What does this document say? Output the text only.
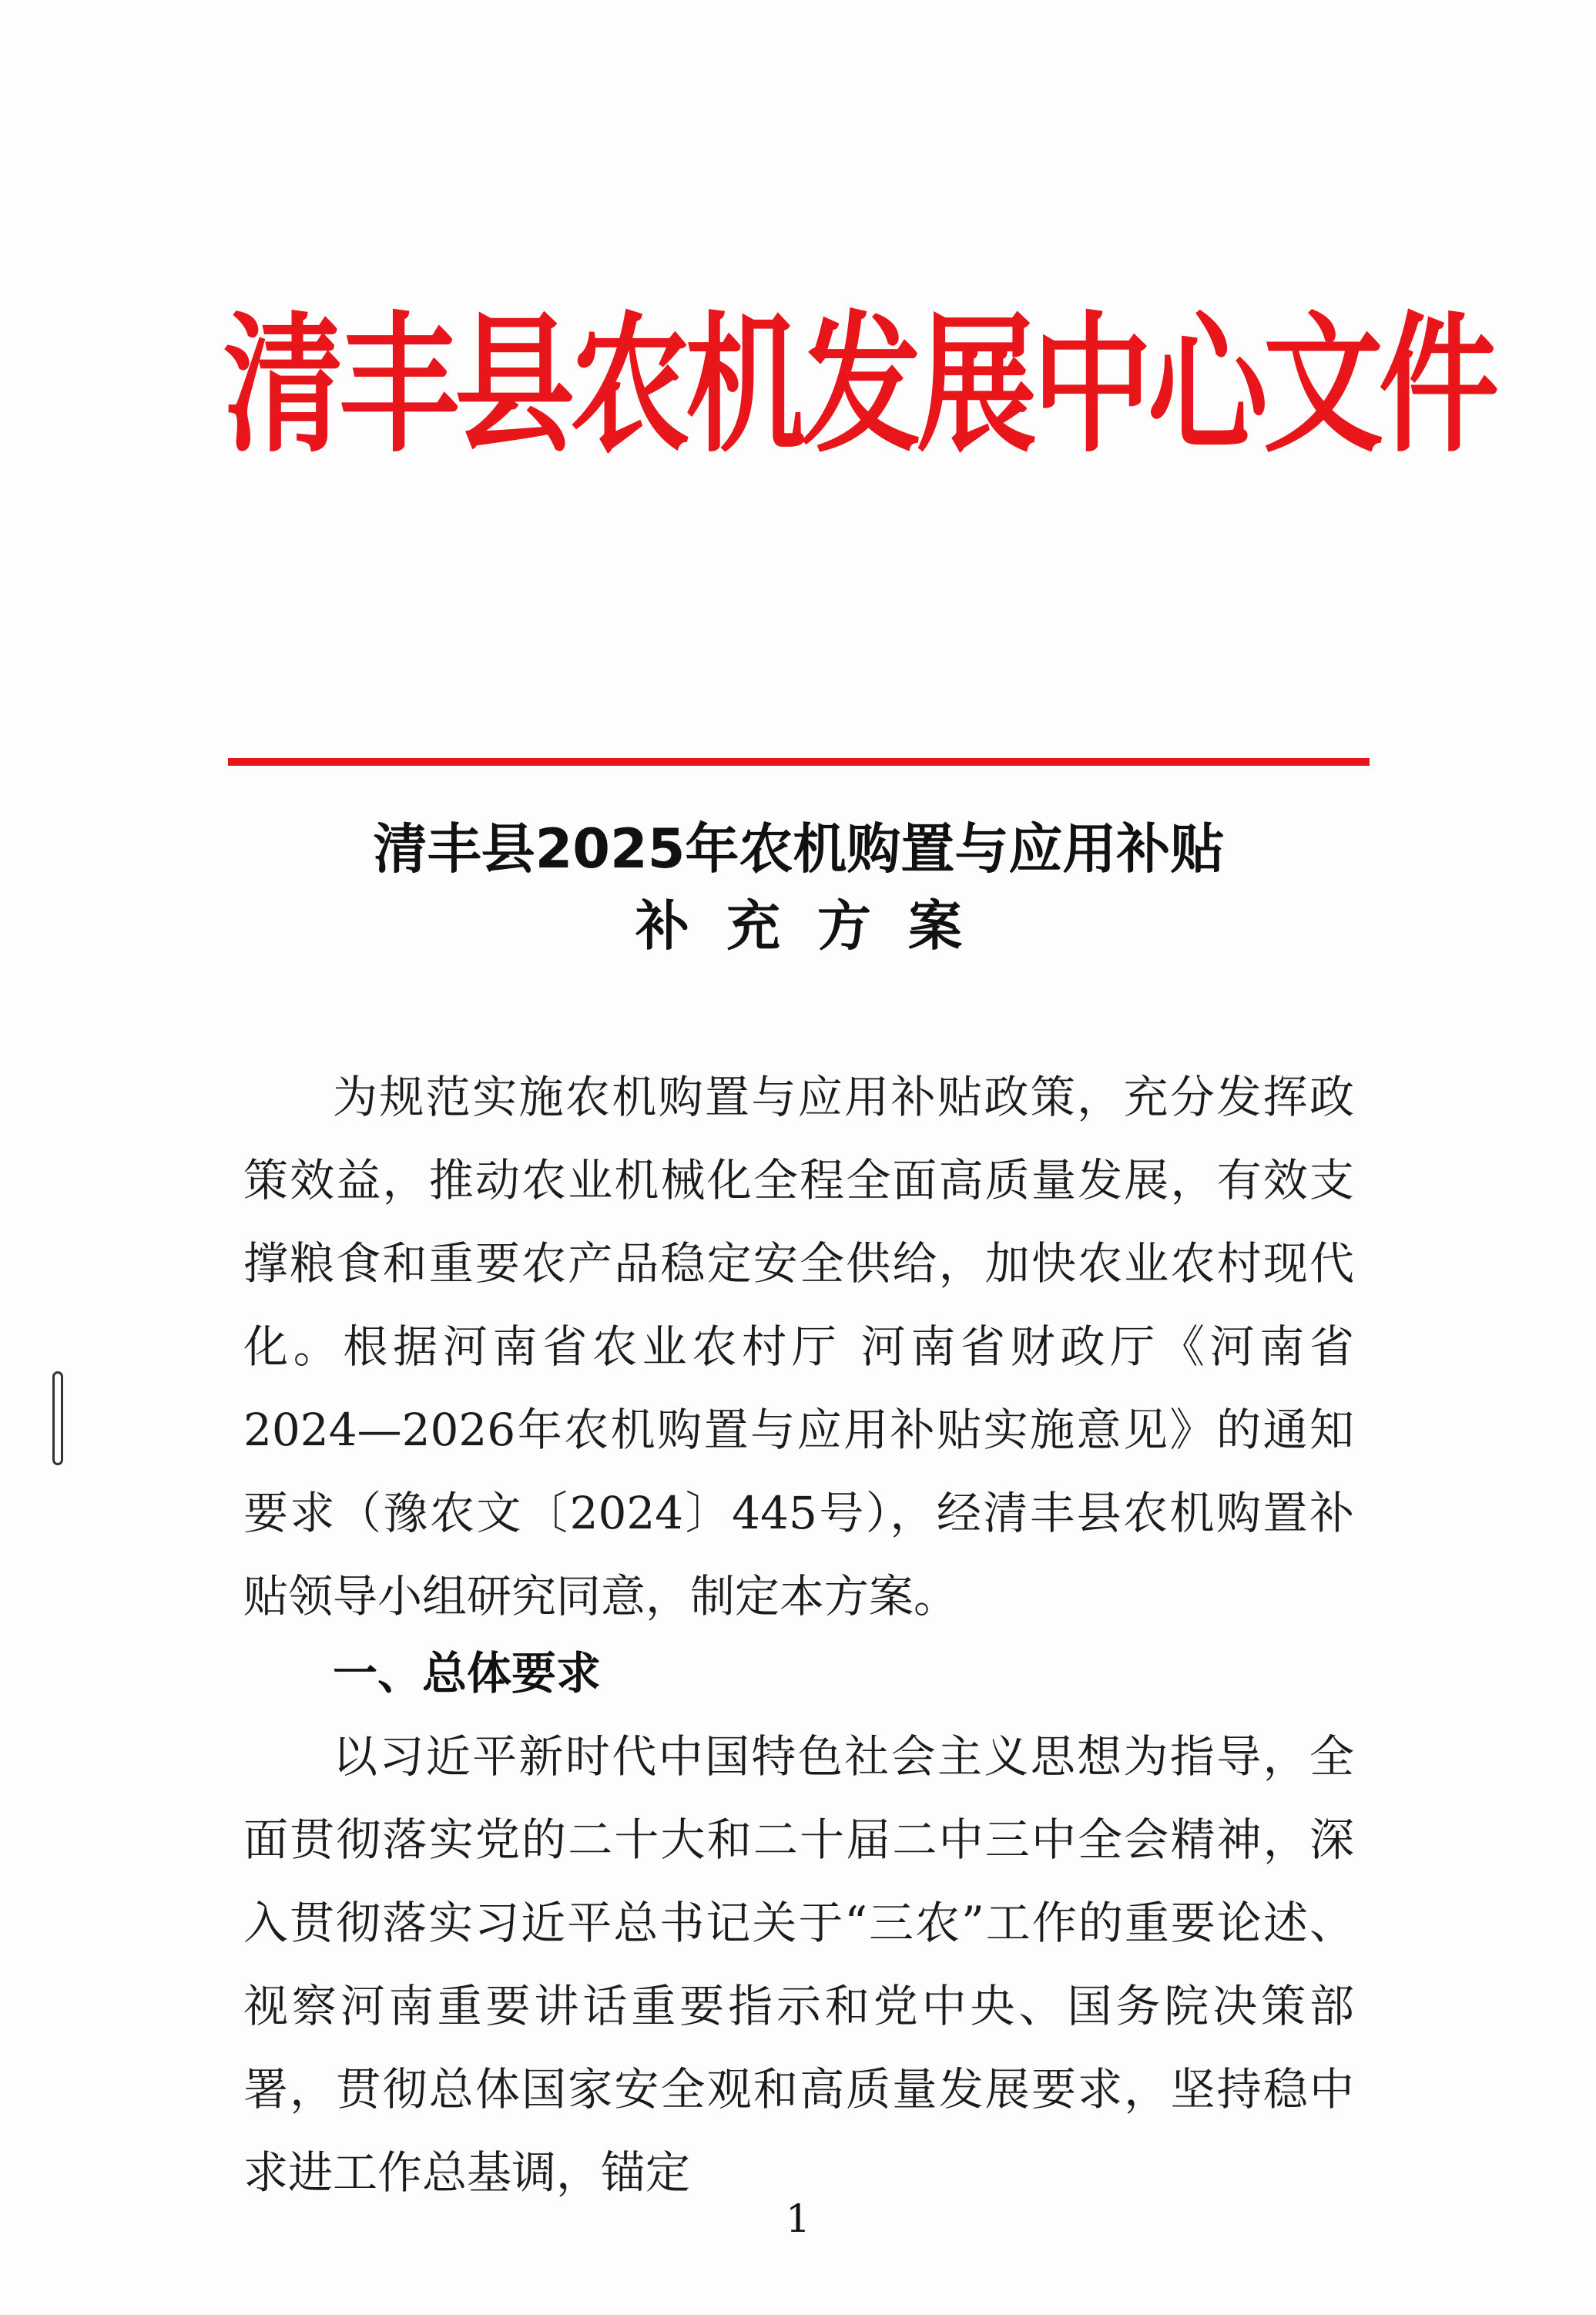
清丰县农机发展中心文件
清丰县2025年农机购置与应用补贴
补充方案

为规范实施农机购置与应用补贴政策，充分发挥政策效益，推动农业机械化全程全面高质量发展，有效支撑粮食和重要农产品稳定安全供给，加快农业农村现代化。根据河南省农业农村厅 河南省财政厅《河南省2024—2026年农机购置与应用补贴实施意见》的通知要求（豫农文〔2024〕445号），经清丰县农机购置补贴领导小组研究同意，制定本方案。

一、总体要求

以习近平新时代中国特色社会主义思想为指导，全面贯彻落实党的二十大和二十届二中三中全会精神，深入贯彻落实习近平总书记关于“三农”工作的重要论述、视察河南重要讲话重要指示和党中央、国务院决策部署，贯彻总体国家安全观和高质量发展要求，坚持稳中求进工作总基调，锚定

1
